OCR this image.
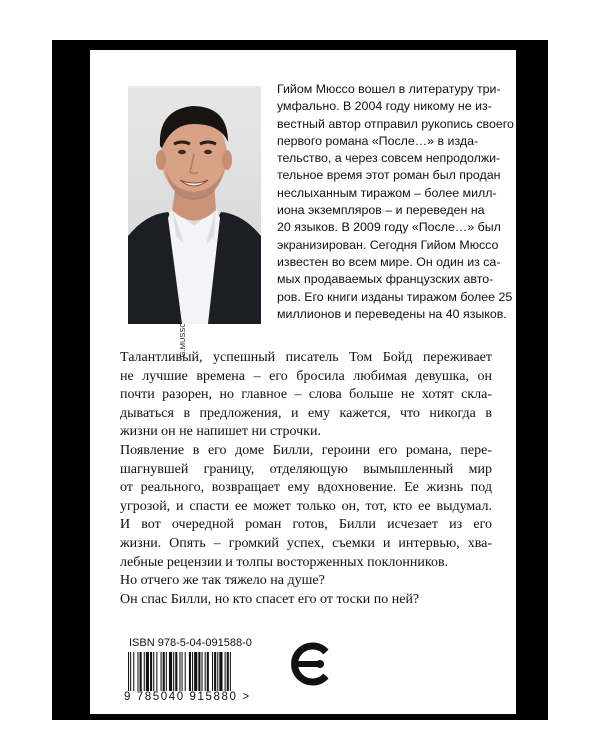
Гийом Мюссо вошел в литературу три-
умфально. В 2004 году никому не из-
вестный автор отправил рукопись своего
первого романа «После…» в изда-
тельство, а через совсем непродолжи-
тельное время этот роман был продан
неслыханным тиражом – более милл-
иона экземпляров – и переведен на
20 языков. В 2009 году «После…» был
экранизирован. Сегодня Гийом Мюссо
известен во всем мире. Он один из са-
мых продаваемых французских авто-
ров. Его книги изданы тиражом более 25
миллионов и переведены на 40 языков.
Талантливый, успешный писатель Том Бойд переживает
не лучшие времена – его бросила любимая девушка, он
почти разорен, но главное – слова больше не хотят скла-
дываться в предложения, и ему кажется, что никогда в
жизни он не напишет ни строчки.
Появление в его доме Билли, героини его романа, пере-
шагнувшей границу, отделяющую вымышленный мир
от реального, возвращает ему вдохновение. Ее жизнь под
угрозой, и спасти ее может только он, тот, кто ее выдумал.
И вот очередной роман готов, Билли исчезает из его
жизни. Опять – громкий успех, съемки и интервью, хва-
лебные рецензии и толпы восторженных поклонников.
Но отчего же так тяжело на душе?
Он спас Билли, но кто спасет его от тоски по ней?
ISBN 978-5-04-091588-0
9 785040 915880 >
